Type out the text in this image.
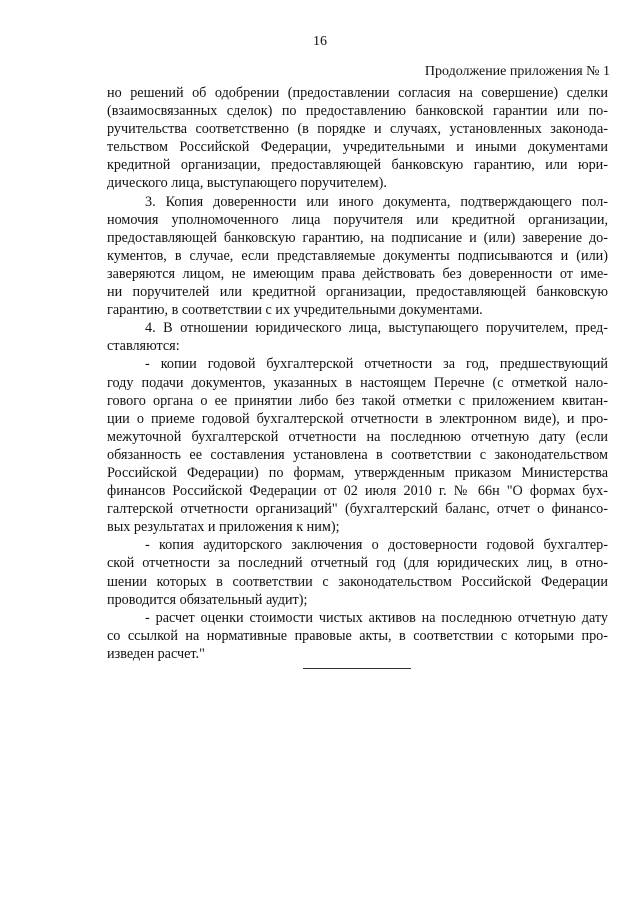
16
Продолжение приложения № 1
но решений об одобрении (предоставлении согласия на совершение) сделки
(взаимосвязанных сделок) по предоставлению банковской гарантии или по-
ручительства соответственно (в порядке и случаях, установленных законода-
тельством Российской Федерации, учредительными и иными документами
кредитной организации, предоставляющей банковскую гарантию, или юри-
дического лица, выступающего поручителем).
3. Копия доверенности или иного документа, подтверждающего пол-
номочия уполномоченного лица поручителя или кредитной организации,
предоставляющей банковскую гарантию, на подписание и (или) заверение до-
кументов, в случае, если представляемые документы подписываются и (или)
заверяются лицом, не имеющим права действовать без доверенности от име-
ни поручителей или кредитной организации, предоставляющей банковскую
гарантию, в соответствии с их учредительными документами.
4. В отношении юридического лица, выступающего поручителем, пред-
ставляются:
- копии годовой бухгалтерской отчетности за год, предшествующий
году подачи документов, указанных в настоящем Перечне (с отметкой нало-
гового органа о ее принятии либо без такой отметки с приложением квитан-
ции о приеме годовой бухгалтерской отчетности в электронном виде), и про-
межуточной бухгалтерской отчетности на последнюю отчетную дату (если
обязанность ее составления установлена в соответствии с законодательством
Российской Федерации) по формам, утвержденным приказом Министерства
финансов Российской Федерации от 02 июля 2010 г. № 66н "О формах бух-
галтерской отчетности организаций" (бухгалтерский баланс, отчет о финансо-
вых результатах и приложения к ним);
- копия аудиторского заключения о достоверности годовой бухгалтер-
ской отчетности за последний отчетный год (для юридических лиц, в отно-
шении которых в соответствии с законодательством Российской Федерации
проводится обязательный аудит);
- расчет оценки стоимости чистых активов на последнюю отчетную дату
со ссылкой на нормативные правовые акты, в соответствии с которыми про-
изведен расчет."
